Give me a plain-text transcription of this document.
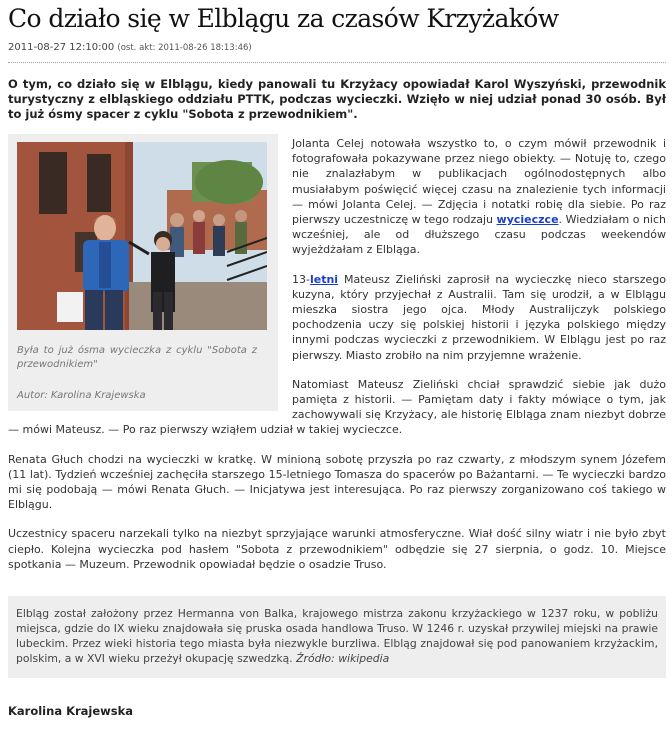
Co działo się w Elblągu za czasów Krzyżaków
2011-08-27 12:10:00 (ost. akt: 2011-08-26 18:13:46)
O tym, co działo się w Elblągu, kiedy panowali tu Krzyżacy opowiadał Karol Wyszyński, przewodnik turystyczny z elbląskiego oddziału PTTK, podczas wycieczki. Wzięło w niej udział ponad 30 osób. Był to już ósmy spacer z cyklu "Sobota z przewodnikiem".
Była to już ósma wycieczka z cyklu "Sobota z przewodnikiem"
Autor: Karolina Krajewska

Jolanta Celej notowała wszystko to, o czym mówił przewodnik i fotografowała pokazywane przez niego obiekty. — Notuję to, czego nie znalazłabym w publikacjach ogólnodostępnych albo musiałabym poświęcić więcej czasu na znalezienie tych informacji — mówi Jolanta Celej. — Zdjęcia i notatki robię dla siebie. Po raz pierwszy uczestniczę w tego rodzaju wycieczce. Wiedziałam o nich wcześniej, ale od dłuższego czasu podczas weekendów wyjeżdżałam z Elbląga.

13-letni Mateusz Zieliński zaprosił na wycieczkę nieco starszego kuzyna, który przyjechał z Australii. Tam się urodził, a w Elblągu mieszka siostra jego ojca. Młody Australijczyk polskiego pochodzenia uczy się polskiej historii i języka polskiego między innymi podczas wycieczki z przewodnikiem. W Elblągu jest po raz pierwszy. Miasto zrobiło na nim przyjemne wrażenie.

Natomiast Mateusz Zieliński chciał sprawdzić siebie jak dużo pamięta z historii. — Pamiętam daty i fakty mówiące o tym, jak zachowywali się Krzyżacy, ale historię Elbląga znam niezbyt dobrze — mówi Mateusz. — Po raz pierwszy wziąłem udział w takiej wycieczce.

Renata Głuch chodzi na wycieczki w kratkę. W minioną sobotę przyszła po raz czwarty, z młodszym synem Józefem (11 lat). Tydzień wcześniej zachęciła starszego 15-letniego Tomasza do spacerów po Bażantarni. — Te wycieczki bardzo mi się podobają — mówi Renata Głuch. — Inicjatywa jest interesująca. Po raz pierwszy zorganizowano coś takiego w Elblągu.

Uczestnicy spaceru narzekali tylko na niezbyt sprzyjające warunki atmosferyczne. Wiał dość silny wiatr i nie było zbyt ciepło. Kolejna wycieczka pod hasłem "Sobota z przewodnikiem" odbędzie się 27 sierpnia, o godz. 10. Miejsce spotkania — Muzeum. Przewodnik opowiadał będzie o osadzie Truso.

Elbląg został założony przez Hermanna von Balka, krajowego mistrza zakonu krzyżackiego w 1237 roku, w pobliżu miejsca, gdzie do IX wieku znajdowała się pruska osada handlowa Truso. W 1246 r. uzyskał przywilej miejski na prawie lubeckim. Przez wieki historia tego miasta była niezwykle burzliwa. Elbląg znajdował się pod panowaniem krzyżackim, polskim, a w XVI wieku przeżył okupację szwedzką. Źródło: wikipedia
Karolina Krajewska
